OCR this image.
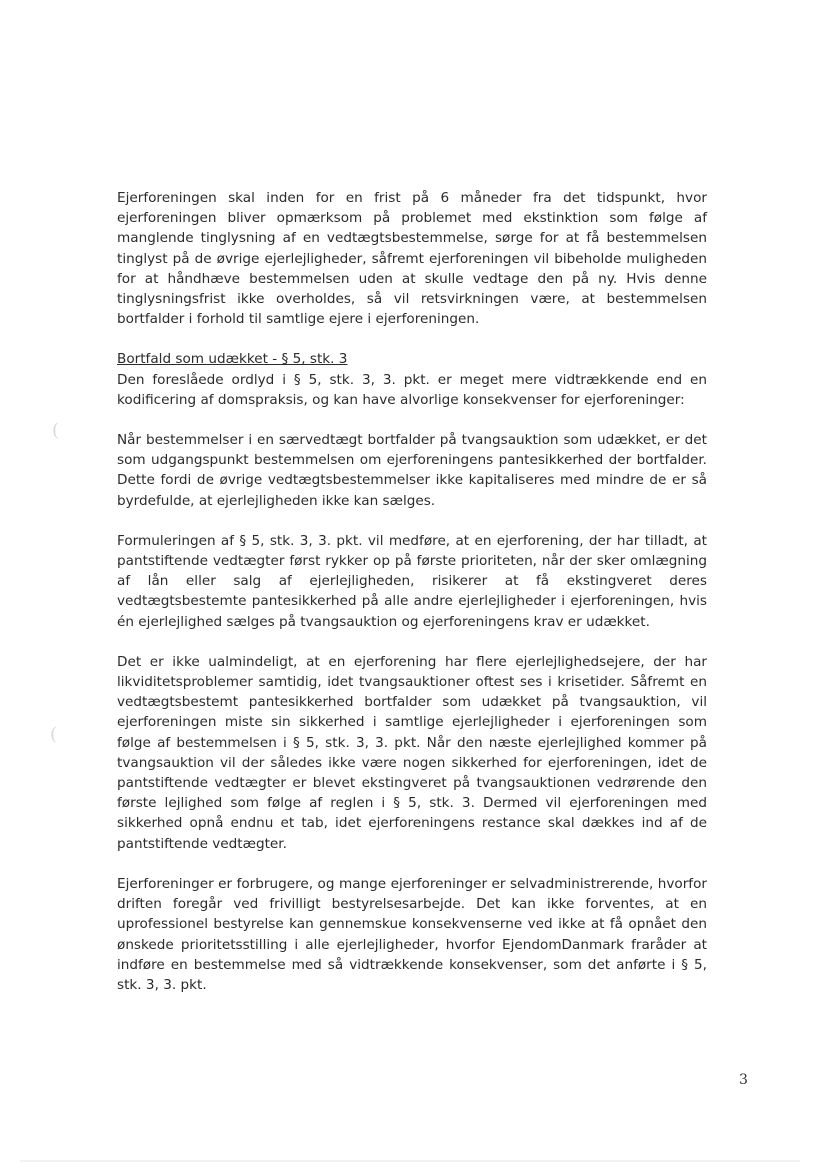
(
(

Ejerforeningen skal inden for en frist på 6 måneder fra det tidspunkt, hvor ejerforeningen bliver opmærksom på problemet med ekstinktion som følge af manglende tinglysning af en vedtægtsbestemmelse, sørge for at få bestemmelsen tinglyst på de øvrige ejerlejligheder, såfremt ejerforeningen vil bibeholde muligheden for at håndhæve bestemmelsen uden at skulle vedtage den på ny. Hvis denne tinglysningsfrist ikke overholdes, så vil retsvirkningen være, at bestemmelsen bortfalder i forhold til samtlige ejere i ejerforeningen.

Bortfald som udækket - § 5, stk. 3

Den foreslåede ordlyd i § 5, stk. 3, 3. pkt. er meget mere vidtrækkende end en kodificering af domspraksis, og kan have alvorlige konsekvenser for ejerforeninger:

Når bestemmelser i en særvedtægt bortfalder på tvangsauktion som udækket, er det som udgangspunkt bestemmelsen om ejerforeningens pantesikkerhed der bortfalder. Dette fordi de øvrige vedtægtsbestemmelser ikke kapitaliseres med mindre de er så byrdefulde, at ejerlejligheden ikke kan sælges.

Formuleringen af § 5, stk. 3, 3. pkt. vil medføre, at en ejerforening, der har tilladt, at pantstiftende vedtægter først rykker op på første prioriteten, når der sker omlægning af lån eller salg af ejerlejligheden, risikerer at få ekstingveret deres vedtægtsbestemte pantesikkerhed på alle andre ejerlejligheder i ejerforeningen, hvis én ejerlejlighed sælges på tvangsauktion og ejerforeningens krav er udækket.

Det er ikke ualmindeligt, at en ejerforening har flere ejerlejlighedsejere, der har likviditetsproblemer samtidig, idet tvangsauktioner oftest ses i krisetider. Såfremt en vedtægtsbestemt pantesikkerhed bortfalder som udækket på tvangsauktion, vil ejerforeningen miste sin sikkerhed i samtlige ejerlejligheder i ejerforeningen som følge af bestemmelsen i § 5, stk. 3, 3. pkt. Når den næste ejerlejlighed kommer på tvangsauktion vil der således ikke være nogen sikkerhed for ejerforeningen, idet de pantstiftende vedtægter er blevet ekstingveret på tvangsauktionen vedrørende den første lejlighed som følge af reglen i § 5, stk. 3. Dermed vil ejerforeningen med sikkerhed opnå endnu et tab, idet ejerforeningens restance skal dækkes ind af de pantstiftende vedtægter.

Ejerforeninger er forbrugere, og mange ejerforeninger er selvadministrerende, hvorfor driften foregår ved frivilligt bestyrelsesarbejde. Det kan ikke forventes, at en uprofessionel bestyrelse kan gennemskue konsekvenserne ved ikke at få opnået den ønskede prioritetsstilling i alle ejerlejligheder, hvorfor EjendomDanmark fraråder at indføre en bestemmelse med så vidtrækkende konsekvenser, som det anførte i § 5, stk. 3, 3. pkt.

3
